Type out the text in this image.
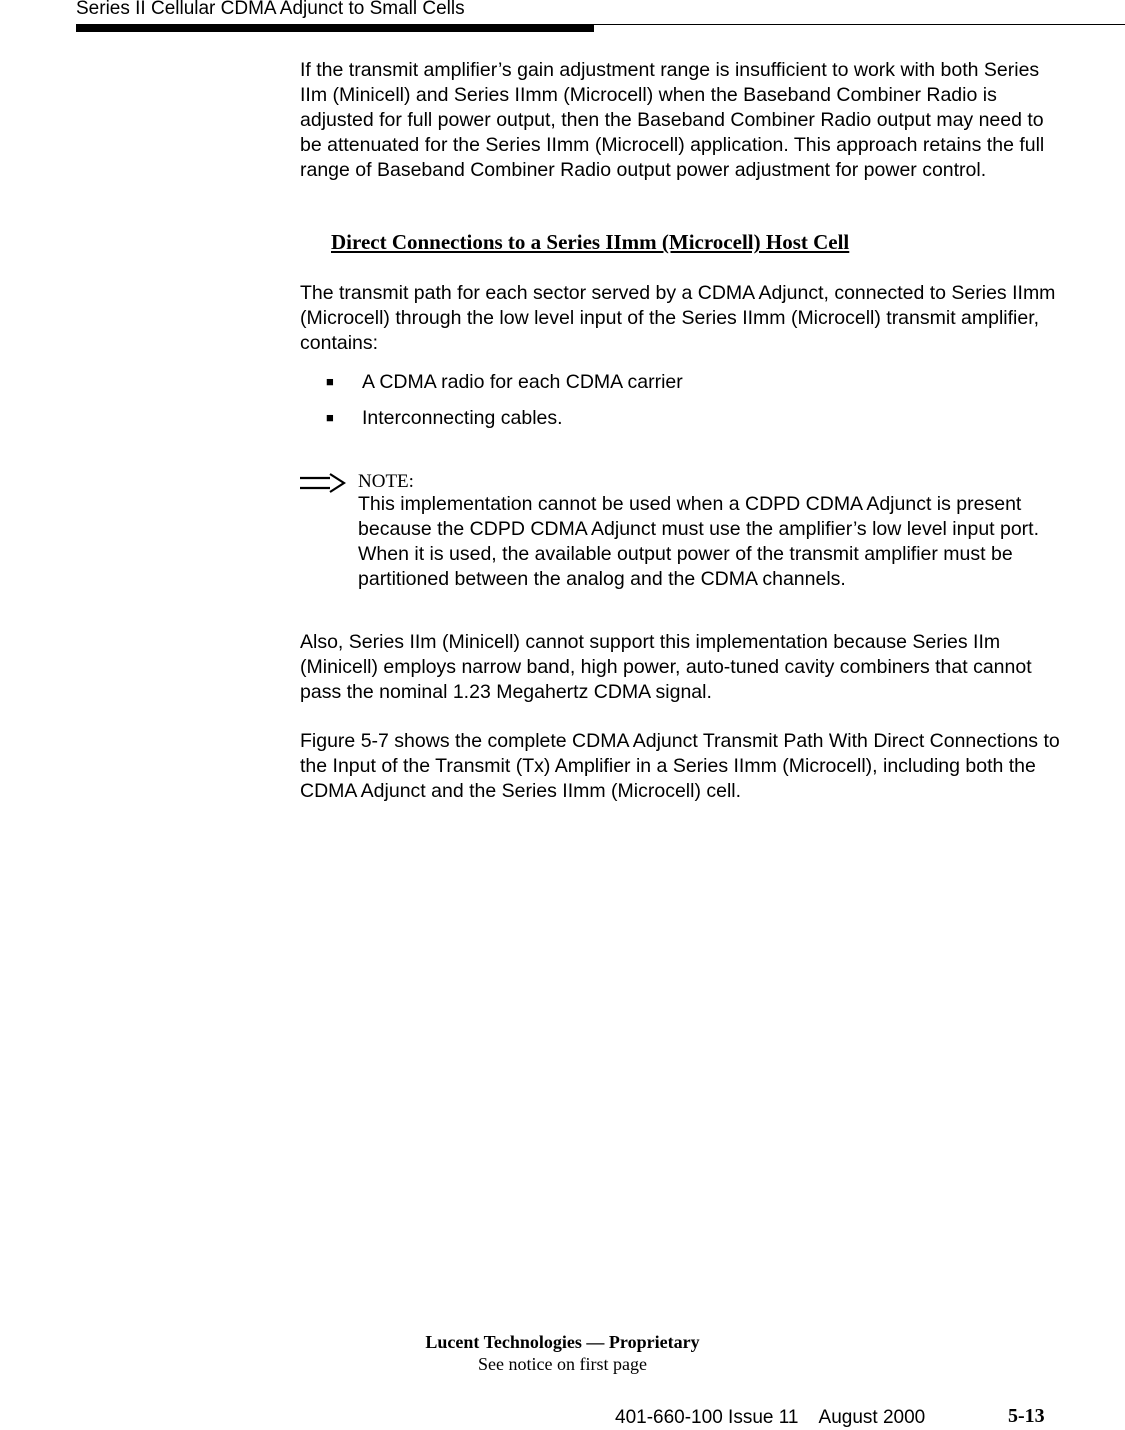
Series II Cellular CDMA Adjunct to Small Cells

If the transmit amplifier’s gain adjustment range is insufficient to work with both Series IIm (Minicell) and Series IImm (Microcell) when the Baseband Combiner Radio is adjusted for full power output, then the Baseband Combiner Radio output may need to be attenuated for the Series IImm (Microcell) application. This approach retains the full range of Baseband Combiner Radio output power adjustment for power control.

Direct Connections to a Series IImm (Microcell) Host Cell

The transmit path for each sector served by a CDMA Adjunct, connected to Series IImm (Microcell) through the low level input of the Series IImm (Microcell) transmit amplifier, contains:

■ A CDMA radio for each CDMA carrier
■ Interconnecting cables.
NOTE:

This implementation cannot be used when a CDPD CDMA Adjunct is present because the CDPD CDMA Adjunct must use the amplifier’s low level input port. When it is used, the available output power of the transmit amplifier must be partitioned between the analog and the CDMA channels.

Also, Series IIm (Minicell) cannot support this implementation because Series IIm (Minicell) employs narrow band, high power, auto-tuned cavity combiners that cannot pass the nominal 1.23 Megahertz CDMA signal.

Figure 5-7 shows the complete CDMA Adjunct Transmit Path With Direct Connections to the Input of the Transmit (Tx) Amplifier in a Series IImm (Microcell), including both the CDMA Adjunct and the Series IImm (Microcell) cell.

Lucent Technologies — Proprietary
See notice on first page
401-660-100 Issue 11    August 2000	5-13
